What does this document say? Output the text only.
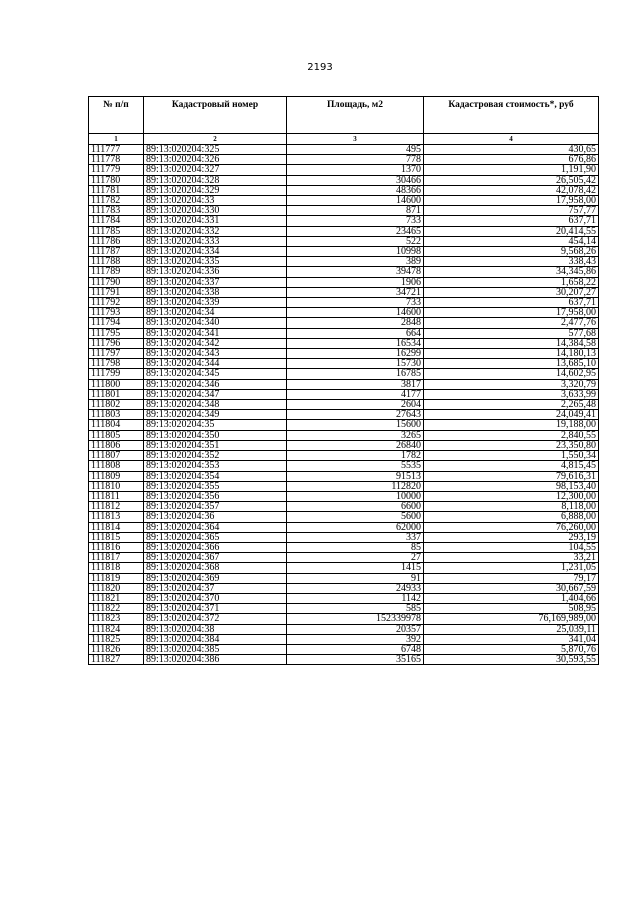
2193
№ п/п	Кадастровый номер	Площадь, м2	Кадастровая стоимость*, руб
1	2	3	4
111777	89:13:020204:325	495	430,65
111778	89:13:020204:326	778	676,86
111779	89:13:020204:327	1370	1,191,90
111780	89:13:020204:328	30466	26,505,42
111781	89:13:020204:329	48366	42,078,42
111782	89:13:020204:33	14600	17,958,00
111783	89:13:020204:330	871	757,77
111784	89:13:020204:331	733	637,71
111785	89:13:020204:332	23465	20,414,55
111786	89:13:020204:333	522	454,14
111787	89:13:020204:334	10998	9,568,26
111788	89:13:020204:335	389	338,43
111789	89:13:020204:336	39478	34,345,86
111790	89:13:020204:337	1906	1,658,22
111791	89:13:020204:338	34721	30,207,27
111792	89:13:020204:339	733	637,71
111793	89:13:020204:34	14600	17,958,00
111794	89:13:020204:340	2848	2,477,76
111795	89:13:020204:341	664	577,68
111796	89:13:020204:342	16534	14,384,58
111797	89:13:020204:343	16299	14,180,13
111798	89:13:020204:344	15730	13,685,10
111799	89:13:020204:345	16785	14,602,95
111800	89:13:020204:346	3817	3,320,79
111801	89:13:020204:347	4177	3,633,99
111802	89:13:020204:348	2604	2,265,48
111803	89:13:020204:349	27643	24,049,41
111804	89:13:020204:35	15600	19,188,00
111805	89:13:020204:350	3265	2,840,55
111806	89:13:020204:351	26840	23,350,80
111807	89:13:020204:352	1782	1,550,34
111808	89:13:020204:353	5535	4,815,45
111809	89:13:020204:354	91513	79,616,31
111810	89:13:020204:355	112820	98,153,40
111811	89:13:020204:356	10000	12,300,00
111812	89:13:020204:357	6600	8,118,00
111813	89:13:020204:36	5600	6,888,00
111814	89:13:020204:364	62000	76,260,00
111815	89:13:020204:365	337	293,19
111816	89:13:020204:366	85	104,55
111817	89:13:020204:367	27	33,21
111818	89:13:020204:368	1415	1,231,05
111819	89:13:020204:369	91	79,17
111820	89:13:020204:37	24933	30,667,59
111821	89:13:020204:370	1142	1,404,66
111822	89:13:020204:371	585	508,95
111823	89:13:020204:372	152339978	76,169,989,00
111824	89:13:020204:38	20357	25,039,11
111825	89:13:020204:384	392	341,04
111826	89:13:020204:385	6748	5,870,76
111827	89:13:020204:386	35165	30,593,55
